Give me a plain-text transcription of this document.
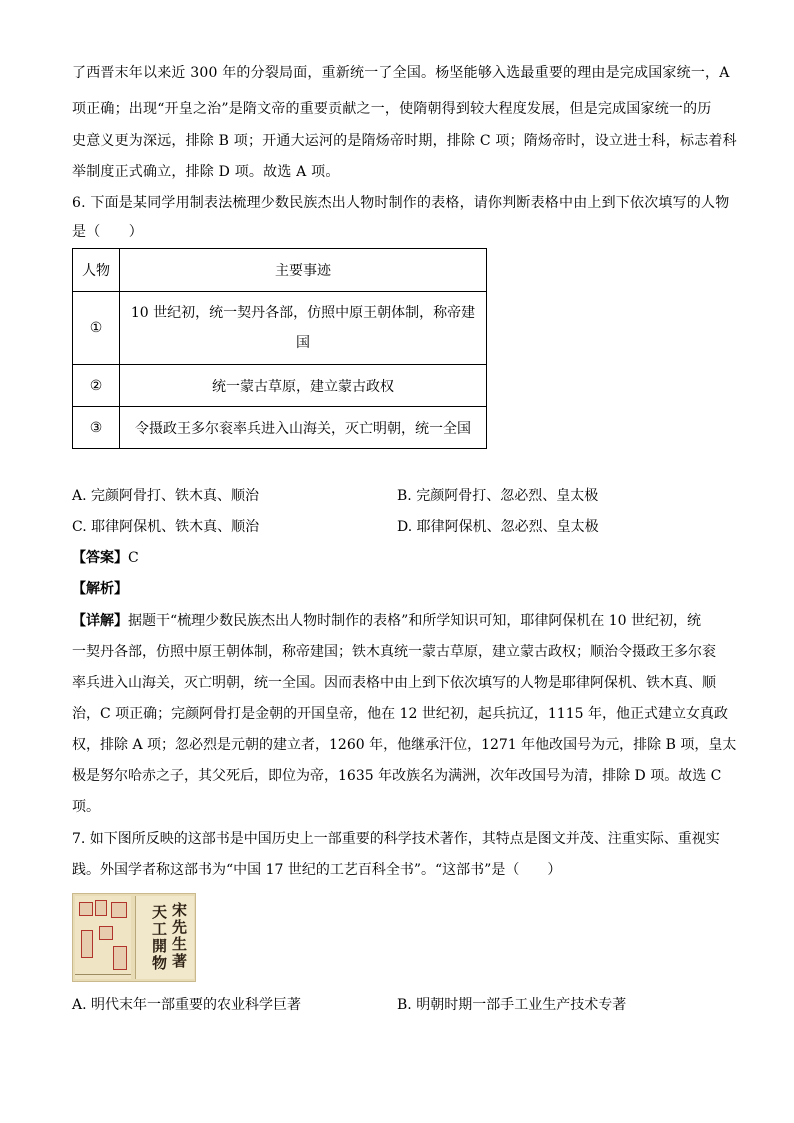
了西晋末年以来近 300 年的分裂局面，重新统一了全国。杨坚能够入选最重要的理由是完成国家统一，A
项正确；出现“开皇之治”是隋文帝的重要贡献之一，使隋朝得到较大程度发展，但是完成国家统一的历
史意义更为深远，排除 B 项；开通大运河的是隋炀帝时期，排除 C 项；隋炀帝时，设立进士科，标志着科
举制度正式确立，排除 D 项。故选 A 项。
6. 下面是某同学用制表法梳理少数民族杰出人物时制作的表格，请你判断表格中由上到下依次填写的人物
是（　　）
人物	主要事迹
①	10 世纪初，统一契丹各部，仿照中原王朝体制，称帝建
国

②	统一蒙古草原，建立蒙古政权
③	令摄政王多尔衮率兵进入山海关，灭亡明朝，统一全国
A. 完颜阿骨打、铁木真、顺治	B. 完颜阿骨打、忽必烈、皇太极
C. 耶律阿保机、铁木真、顺治	D. 耶律阿保机、忽必烈、皇太极
【答案】C
【解析】
【详解】据题干“梳理少数民族杰出人物时制作的表格”和所学知识可知，耶律阿保机在 10 世纪初，统
一契丹各部，仿照中原王朝体制，称帝建国；铁木真统一蒙古草原，建立蒙古政权；顺治令摄政王多尔衮
率兵进入山海关，灭亡明朝，统一全国。因而表格中由上到下依次填写的人物是耶律阿保机、铁木真、顺
治，C 项正确；完颜阿骨打是金朝的开国皇帝，他在 12 世纪初，起兵抗辽，1115 年，他正式建立女真政
权，排除 A 项；忽必烈是元朝的建立者，1260 年，他继承汗位，1271 年他改国号为元，排除 B 项，皇太
极是努尔哈赤之子，其父死后，即位为帝，1635 年改族名为满洲，次年改国号为清，排除 D 项。故选 C
项。
7. 如下图所反映的这部书是中国历史上一部重要的科学技术著作，其特点是图文并茂、注重实际、重视实
践。外国学者称这部书为“中国 17 世纪的工艺百科全书”。“这部书”是（　　）
宋先生著
天工開物
A. 明代末年一部重要的农业科学巨著	B. 明朝时期一部手工业生产技术专著
